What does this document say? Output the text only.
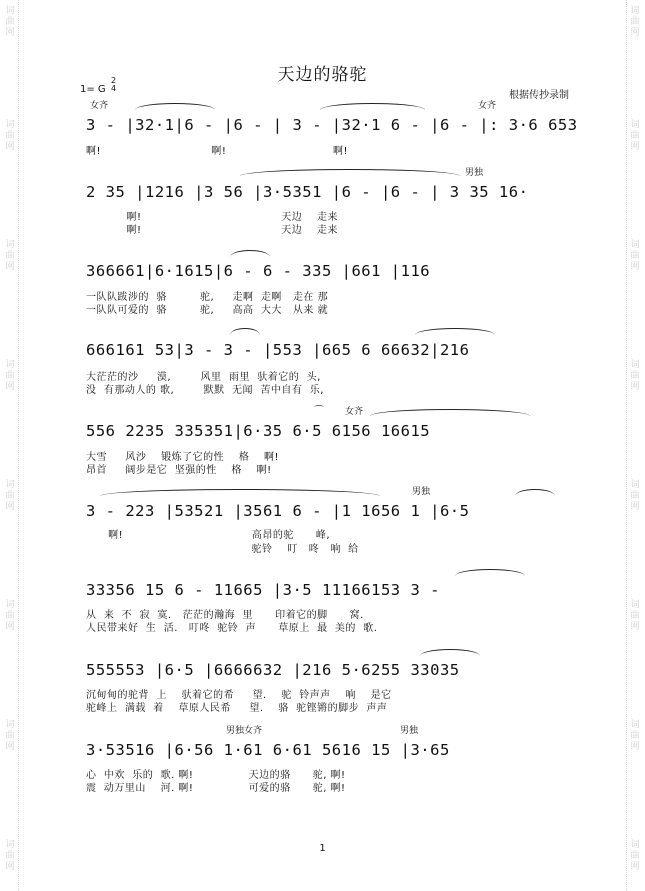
词曲网
词曲网
词曲网
词曲网
词曲网
词曲网
词曲网
词曲网
词曲网
词曲网
词曲网
词曲网
词曲网
词曲网
词曲网
词曲网
天边的骆驼
1= G
2
4
根据传抄录制
女齐	女齐
3 - |32·1|6 - |6 - | 3 - |32·1 6 - |6 - |: 3·6 653
啊!                              啊!                             啊!
男独
2 35 |1216 |3 56 |3·5351 |6 - |6 - | 3 35 16·
啊!                                      天边    走来
啊!                                      天边    走来
366661|6·1615|6 - 6 - 335 |661 |116
一队队跋涉的  骆         驼,     走啊  走啊   走在 那
一队队可爱的  骆         驼,     高高  大大   从来 就
666161 53|3 - 3 - |553 |665 6 66632|216
大茫茫的沙     漠,        风里  雨里  驮着它的  头,
没  有那动人的 歌,        默默  无闻  苦中自有  乐,
女齐
⌒
556 2235 335351|6·35 6·5 6156 16615
大雪     风沙    锻炼了它的性    格    啊!
昂首     阔步是它  坚强的性    格    啊!
男独
3 - 223 |53521 |3561 6 - |1 1656 1 |6·5
啊!                                   高昂的驼      峰,
驼铃    叮   咚   响  给
33356 15 6 - 11665 |3·5 11166153 3 -
从  来  不  寂  寞.   茫茫的瀚海  里      印着它的脚      窝.
人民带来好  生  活.   叮咚  驼铃  声      草原上  最  美的  歌.
555553 |6·5 |6666632 |216 5·6255 33035
沉甸甸的驼背  上    驮着它的希     望.    驼  铃声声    响    是它
驼峰上  满载  着    草原人民希     望.    骆  驼铿锵的脚步  声声
男独女齐	男独
3·53516 |6·56 1·61 6·61 5616 15 |3·65
心  中欢  乐的  歌. 啊!               天边的骆      驼, 啊!
震  动万里山    河. 啊!               可爱的骆      驼, 啊!
1
